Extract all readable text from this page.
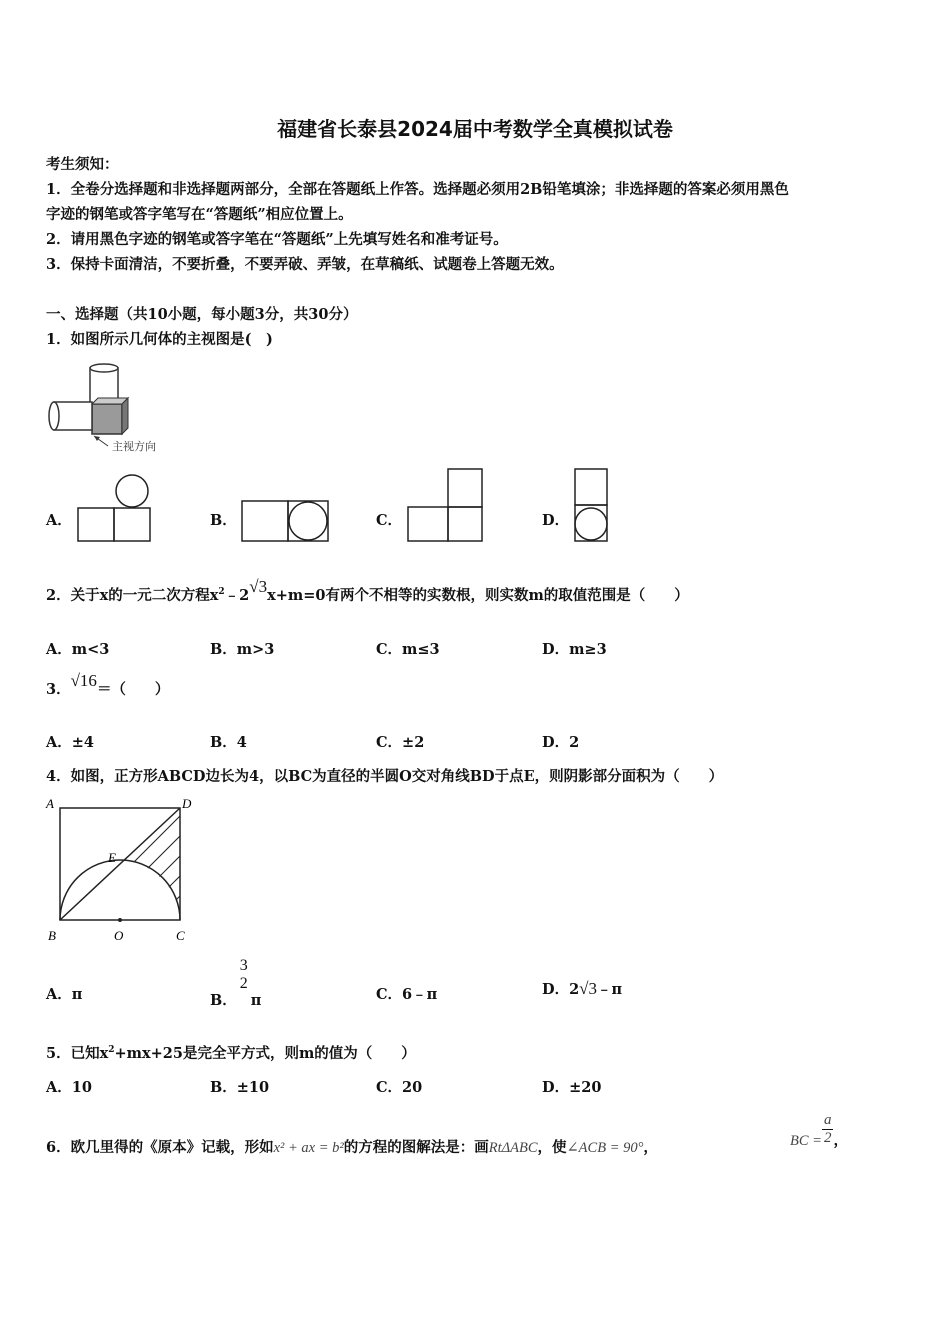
福建省长泰县2024届中考数学全真模拟试卷
考生须知：
1．全卷分选择题和非选择题两部分，全部在答题纸上作答。选择题必须用2B铅笔填涂；非选择题的答案必须用黑色
字迹的钢笔或答字笔写在“答题纸”相应位置上。
2．请用黑色字迹的钢笔或答字笔在“答题纸”上先填写姓名和准考证号。
3．保持卡面清洁，不要折叠，不要弄破、弄皱，在草稿纸、试题卷上答题无效。
一、选择题（共10小题，每小题3分，共30分）
1．如图所示几何体的主视图是(　)
主视方向
A．	B．	C．	D．
2．关于x的一元二次方程$x^2﹣2√3x+m=0$有两个不相等的实数根，则实数m的取值范围是（　　）
A．m<3	B．m>3	C．m≤3	D．m≥3
3．√16＝（　　）
A．±4	B．4	C．±2	D．2
4．如图，正方形ABCD边长为4，以BC为直径的半圆O交对角线BD于点E，则阴影部分面积为（　　）
A	D
E
B	O	C
A．π	B．
3
2
π	C．6﹣π	D．2√3﹣π
5．已知$x^2+mx+25$是完全平方式，则m的值为（　　）
A．10	B．±10	C．20	D．±20
6．欧几里得的《原本》记载，形如x² + ax = b²的方程的图解法是：画RtΔABC，使∠ACB = 90°，	BC = $\frac{a}{2}$ ，
